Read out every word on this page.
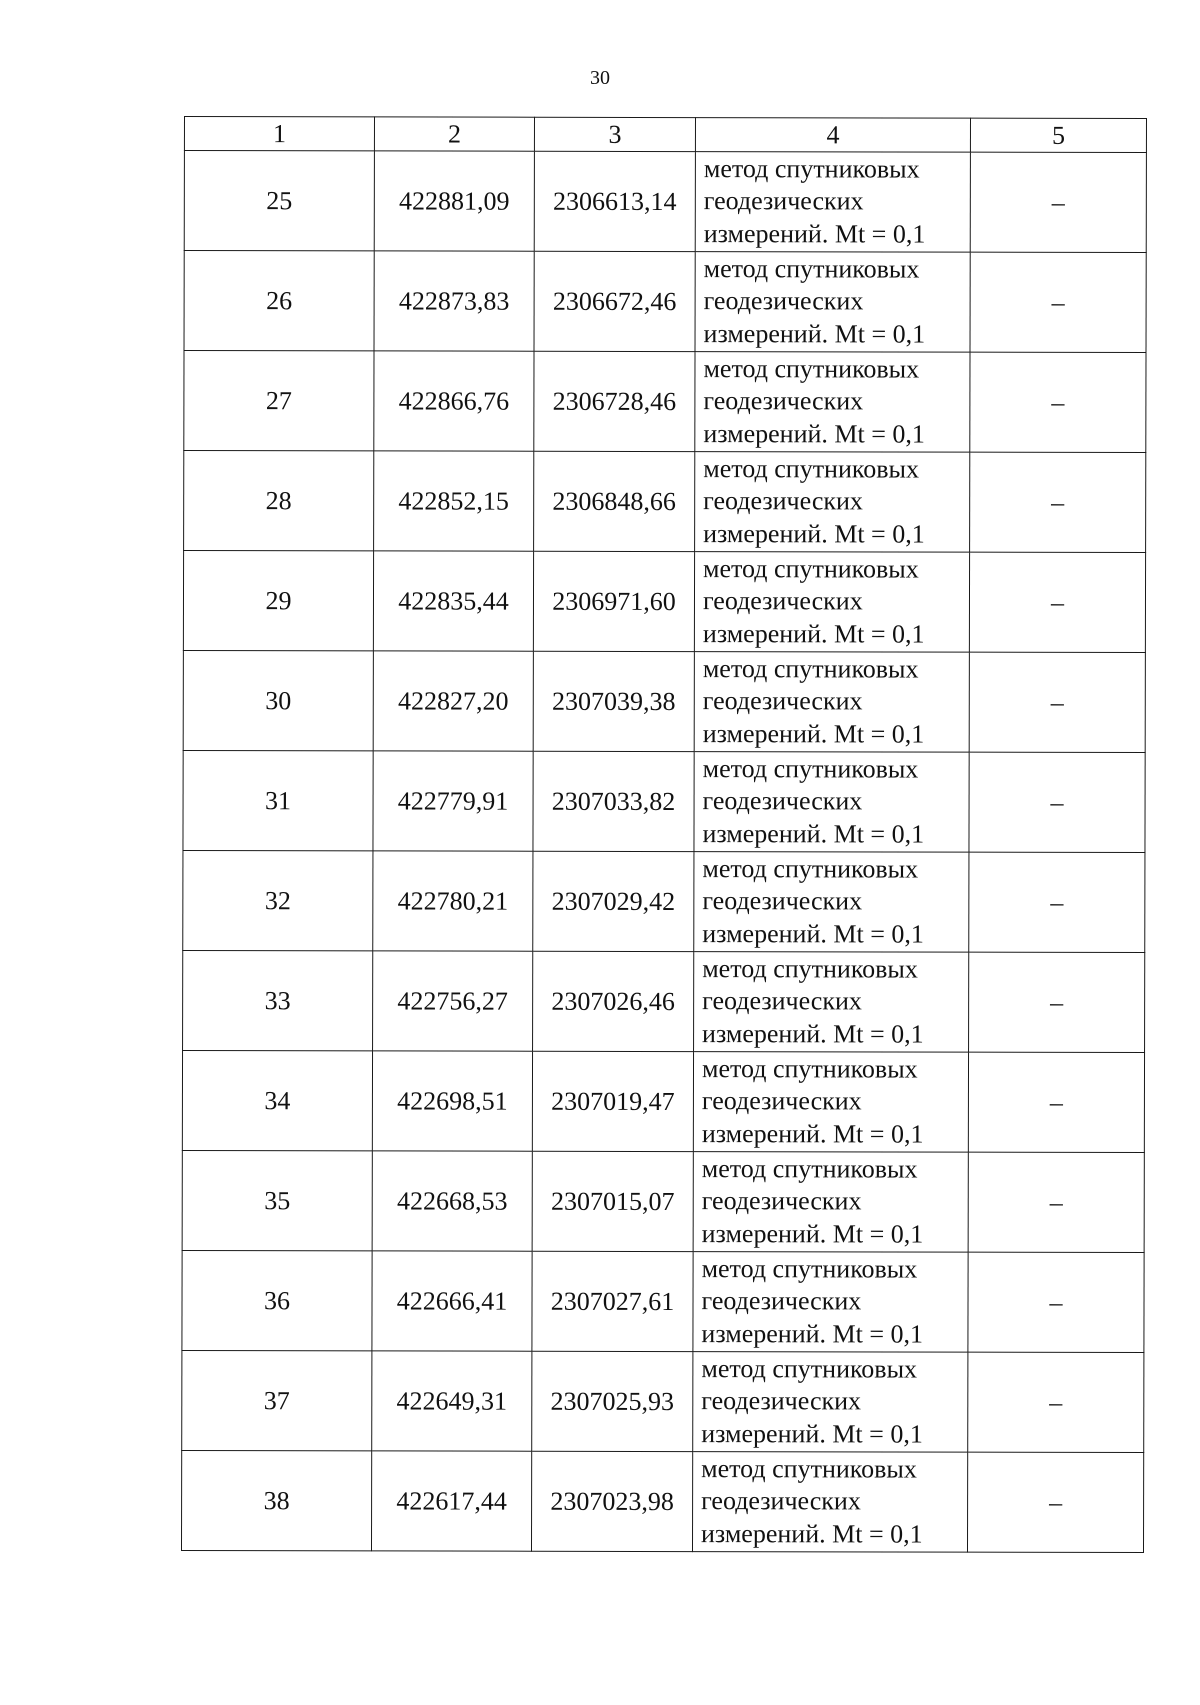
30
1	2	3	4	5
25	422881,09	2306613,14	метод спутниковых
геодезических
измерений. Mt = 0,1	–
26	422873,83	2306672,46	метод спутниковых
геодезических
измерений. Mt = 0,1	–
27	422866,76	2306728,46	метод спутниковых
геодезических
измерений. Mt = 0,1	–
28	422852,15	2306848,66	метод спутниковых
геодезических
измерений. Mt = 0,1	–
29	422835,44	2306971,60	метод спутниковых
геодезических
измерений. Mt = 0,1	–
30	422827,20	2307039,38	метод спутниковых
геодезических
измерений. Mt = 0,1	–
31	422779,91	2307033,82	метод спутниковых
геодезических
измерений. Mt = 0,1	–
32	422780,21	2307029,42	метод спутниковых
геодезических
измерений. Mt = 0,1	–
33	422756,27	2307026,46	метод спутниковых
геодезических
измерений. Mt = 0,1	–
34	422698,51	2307019,47	метод спутниковых
геодезических
измерений. Mt = 0,1	–
35	422668,53	2307015,07	метод спутниковых
геодезических
измерений. Mt = 0,1	–
36	422666,41	2307027,61	метод спутниковых
геодезических
измерений. Mt = 0,1	–
37	422649,31	2307025,93	метод спутниковых
геодезических
измерений. Mt = 0,1	–
38	422617,44	2307023,98	метод спутниковых
геодезических
измерений. Mt = 0,1	–
